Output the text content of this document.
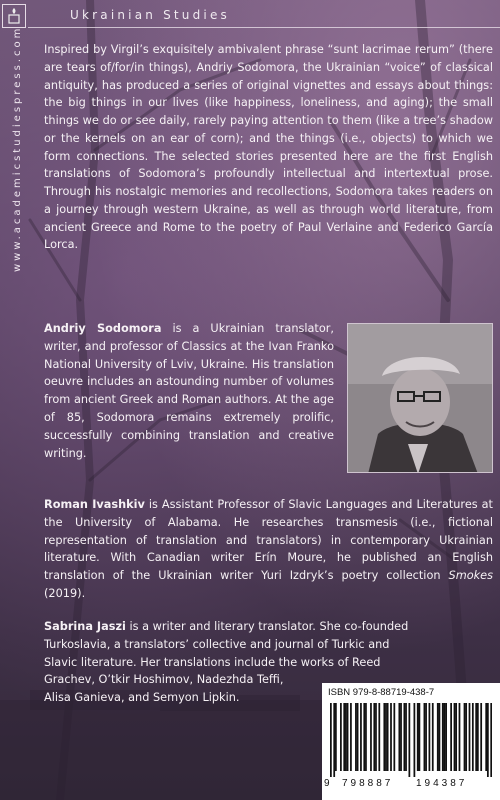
Ukrainian Studies
www.academicstudiespress.com Inspired by Virgil’s exquisitely ambivalent phrase “sunt lacrimae rerum” (there are tears of/for/in things), Andriy Sodomora, the Ukrainian “voice” of classical antiquity, has produced a series of original vignettes and essays about things: the big things in our lives (like happiness, loneliness, and aging); the small things we do or see daily, rarely paying attention to them (like a tree’s shadow or the kernels on an ear of corn); and the things (i.e., objects) to which we form connections. The selected stories presented here are the first English translations of Sodomora’s profoundly intellectual and intertextual prose. Through his nostalgic memories and recollections, Sodomora takes readers on a journey through western Ukraine, as well as through world literature, from ancient Greece and Rome to the poetry of Paul Verlaine and Federico García Lorca.
Andriy Sodomora is a Ukrainian translator, writer, and professor of Classics at the Ivan Franko National University of Lviv, Ukraine. His translation oeuvre includes an astounding number of volumes from ancient Greek and Roman authors. At the age of 85, Sodomora remains extremely prolific, successfully combining translation and creative writing.
Roman Ivashkiv is Assistant Professor of Slavic Languages and Literatures at the University of Alabama. He researches transmesis (i.e., fictional representation of translation and translators) in contemporary Ukrainian literature. With Canadian writer Erín Moure, he published an English translation of the Ukrainian writer Yuri Izdryk’s poetry collection Smokes (2019).
Sabrina Jaszi is a writer and literary translator. She co-founded
Turkoslavia, a translators’ collective and journal of Turkic and
Slavic literature. Her translations include the works of Reed
Grachev, O’tkir Hoshimov, Nadezhda Teffi,
Alisa Ganieva, and Semyon Lipkin.	ISBN 979-8-88719-438-7
9 798887 194387
